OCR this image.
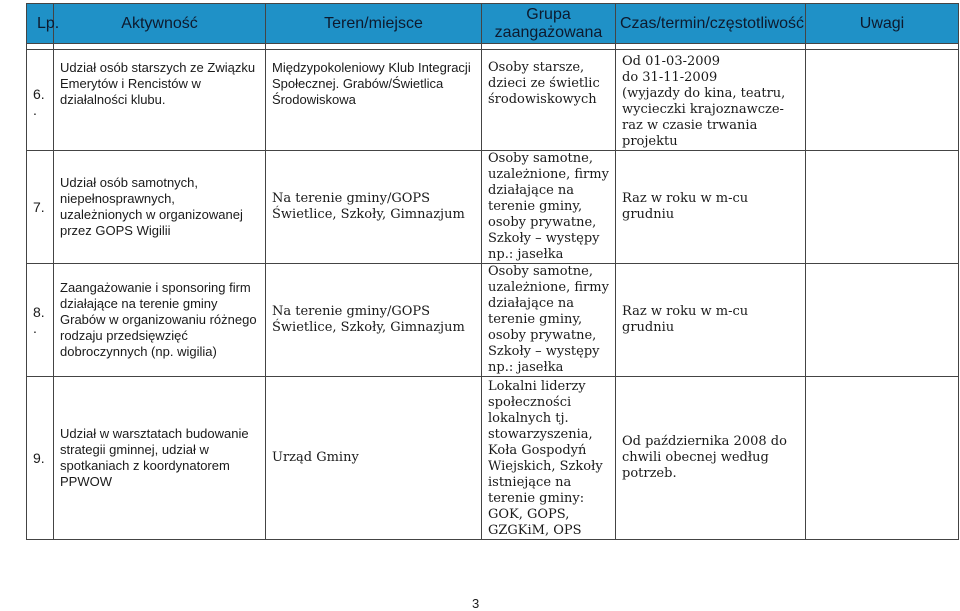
Lp.	Aktywność	Teren/miejsce	Grupa zaangażowana	Czas/termin/częstotliwość	Uwagi

6. .	Udział osób starszych ze Związku Emerytów i Rencistów w działalności klubu.	Międzypokoleniowy Klub Integracji Społecznej. Grabów/Świetlica Środowiskowa	Osoby starsze, dzieci ze świetlic środowiskowych	Od 01-03-2009
do 31-11-2009
(wyjazdy do kina, teatru, wycieczki krajoznawcze-raz w czasie trwania projektu	
7.	Udział osób samotnych, niepełnosprawnych, uzależnionych w organizowanej przez GOPS Wigilii	Na terenie gminy/GOPS Świetlice, Szkoły, Gimnazjum	Osoby samotne, uzależnione, firmy działające na terenie gminy, osoby prywatne, Szkoły – występy np.: jasełka	Raz w roku w m-cu grudniu	
8. .	Zaangażowanie i sponsoring firm działające na terenie gminy Grabów w organizowaniu różnego rodzaju przedsięwzięć dobroczynnych (np. wigilia)	Na terenie gminy/GOPS Świetlice, Szkoły, Gimnazjum	Osoby samotne, uzależnione, firmy działające na terenie gminy, osoby prywatne, Szkoły – występy np.: jasełka	Raz w roku w m-cu grudniu	
9.	Udział w warsztatach budowanie strategii gminnej, udział w spotkaniach z koordynatorem PPWOW	Urząd Gminy	Lokalni liderzy społeczności lokalnych tj. stowarzyszenia, Koła Gospodyń Wiejskich, Szkoły istniejące na terenie gminy: GOK, GOPS, GZGKiM, OPS	Od października 2008 do chwili obecnej według potrzeb.	
3
